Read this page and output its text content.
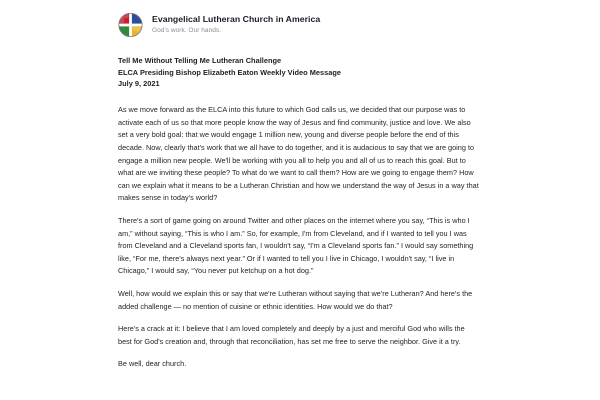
Evangelical Lutheran Church in America
God's work. Our hands.
Tell Me Without Telling Me Lutheran Challenge
ELCA Presiding Bishop Elizabeth Eaton Weekly Video Message
July 9, 2021

As we move forward as the ELCA into this future to which God calls us, we decided that our purpose was to activate each of us so that more people know the way of Jesus and find community, justice and love. We also set a very bold goal: that we would engage 1 million new, young and diverse people before the end of this decade. Now, clearly that's work that we all have to do together, and it is audacious to say that we are going to engage a million new people. We'll be working with you all to help you and all of us to reach this goal. But to what are we inviting these people? To what do we want to call them? How are we going to engage them? How can we explain what it means to be a Lutheran Christian and how we understand the way of Jesus in a way that makes sense in today's world?

There's a sort of game going on around Twitter and other places on the internet where you say, “This is who I am,” without saying, “This is who I am.” So, for example, I'm from Cleveland, and if I wanted to tell you I was from Cleveland and a Cleveland sports fan, I wouldn't say, “I'm a Cleveland sports fan.” I would say something like, “For me, there's always next year.” Or if I wanted to tell you I live in Chicago, I wouldn't say, “I live in Chicago,” I would say, “You never put ketchup on a hot dog.”

Well, how would we explain this or say that we're Lutheran without saying that we're Lutheran? And here's the added challenge — no mention of cuisine or ethnic identities. How would we do that?

Here's a crack at it: I believe that I am loved completely and deeply by a just and merciful God who wills the best for God's creation and, through that reconciliation, has set me free to serve the neighbor. Give it a try.

Be well, dear church.
